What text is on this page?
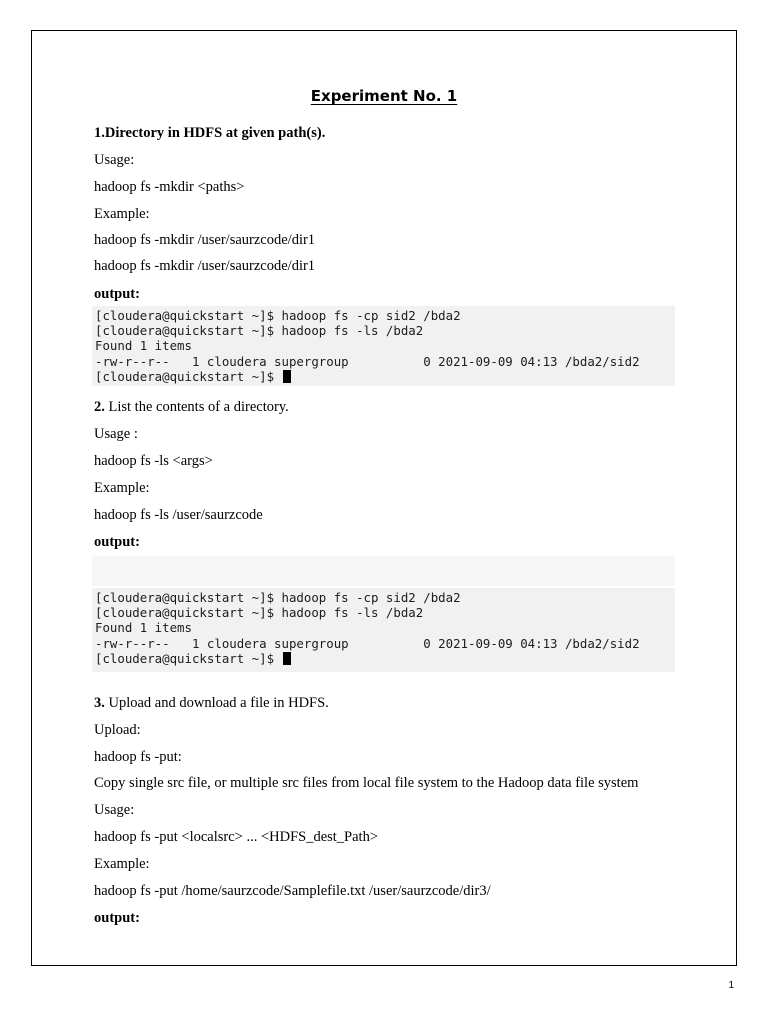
Experiment No. 1
1.Directory in HDFS at given path(s).
Usage:
hadoop fs -mkdir <paths>
Example:
hadoop fs -mkdir /user/saurzcode/dir1
hadoop fs -mkdir /user/saurzcode/dir1
output:
[cloudera@quickstart ~]$ hadoop fs -cp sid2 /bda2
[cloudera@quickstart ~]$ hadoop fs -ls /bda2
Found 1 items
-rw-r--r--   1 cloudera supergroup          0 2021-09-09 04:13 /bda2/sid2
[cloudera@quickstart ~]$
2. List the contents of a directory.
Usage :
hadoop fs -ls <args>
Example:
hadoop fs -ls /user/saurzcode
output:
[cloudera@quickstart ~]$ hadoop fs -cp sid2 /bda2
[cloudera@quickstart ~]$ hadoop fs -ls /bda2
Found 1 items
-rw-r--r--   1 cloudera supergroup          0 2021-09-09 04:13 /bda2/sid2
[cloudera@quickstart ~]$
3. Upload and download a file in HDFS.
Upload:
hadoop fs -put:
Copy single src file, or multiple src files from local file system to the Hadoop data file system
Usage:
hadoop fs -put <localsrc> ... <HDFS_dest_Path>
Example:
hadoop fs -put /home/saurzcode/Samplefile.txt /user/saurzcode/dir3/
output:
1
